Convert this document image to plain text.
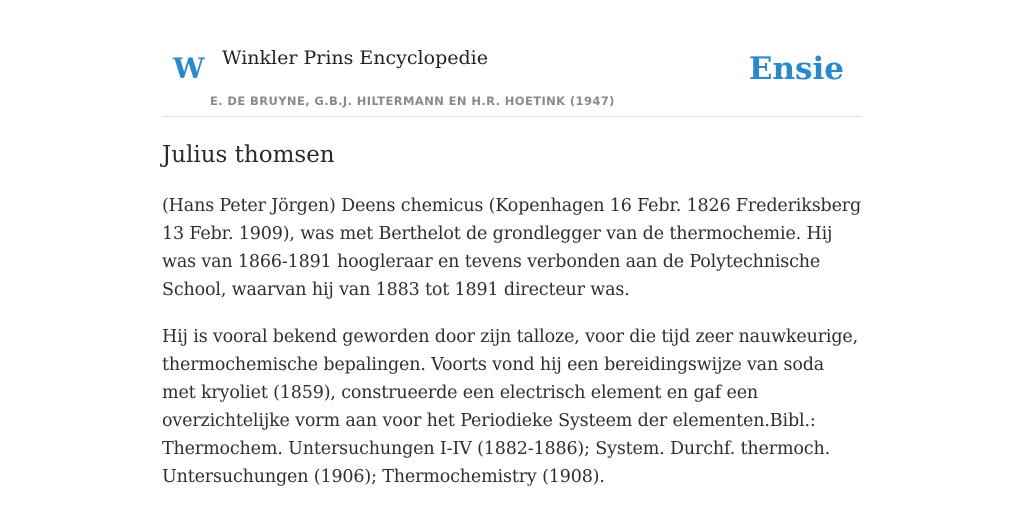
W Winkler Prins Encyclopedie
E. DE BRUYNE, G.B.J. HILTERMANN EN H.R. HOETINK (1947)
Ensie
Julius thomsen

(Hans Peter Jörgen) Deens chemicus (Kopenhagen 16 Febr. 1826 Frederiksberg 13 Febr. 1909), was met Berthelot de grondlegger van de thermochemie. Hij was van 1866-1891 hoogleraar en tevens verbonden aan de Polytechnische School, waarvan hij van 1883 tot 1891 directeur was.

Hij is vooral bekend geworden door zijn talloze, voor die tijd zeer nauwkeurige, thermochemische bepalingen. Voorts vond hij een bereidingswijze van soda met kryoliet (1859), construeerde een electrisch element en gaf een overzichtelijke vorm aan voor het Periodieke Systeem der elementen.Bibl.: Thermochem. Untersuchungen I-IV (1882-1886); System. Durchf. thermoch. Untersuchungen (1906); Thermochemistry (1908).
